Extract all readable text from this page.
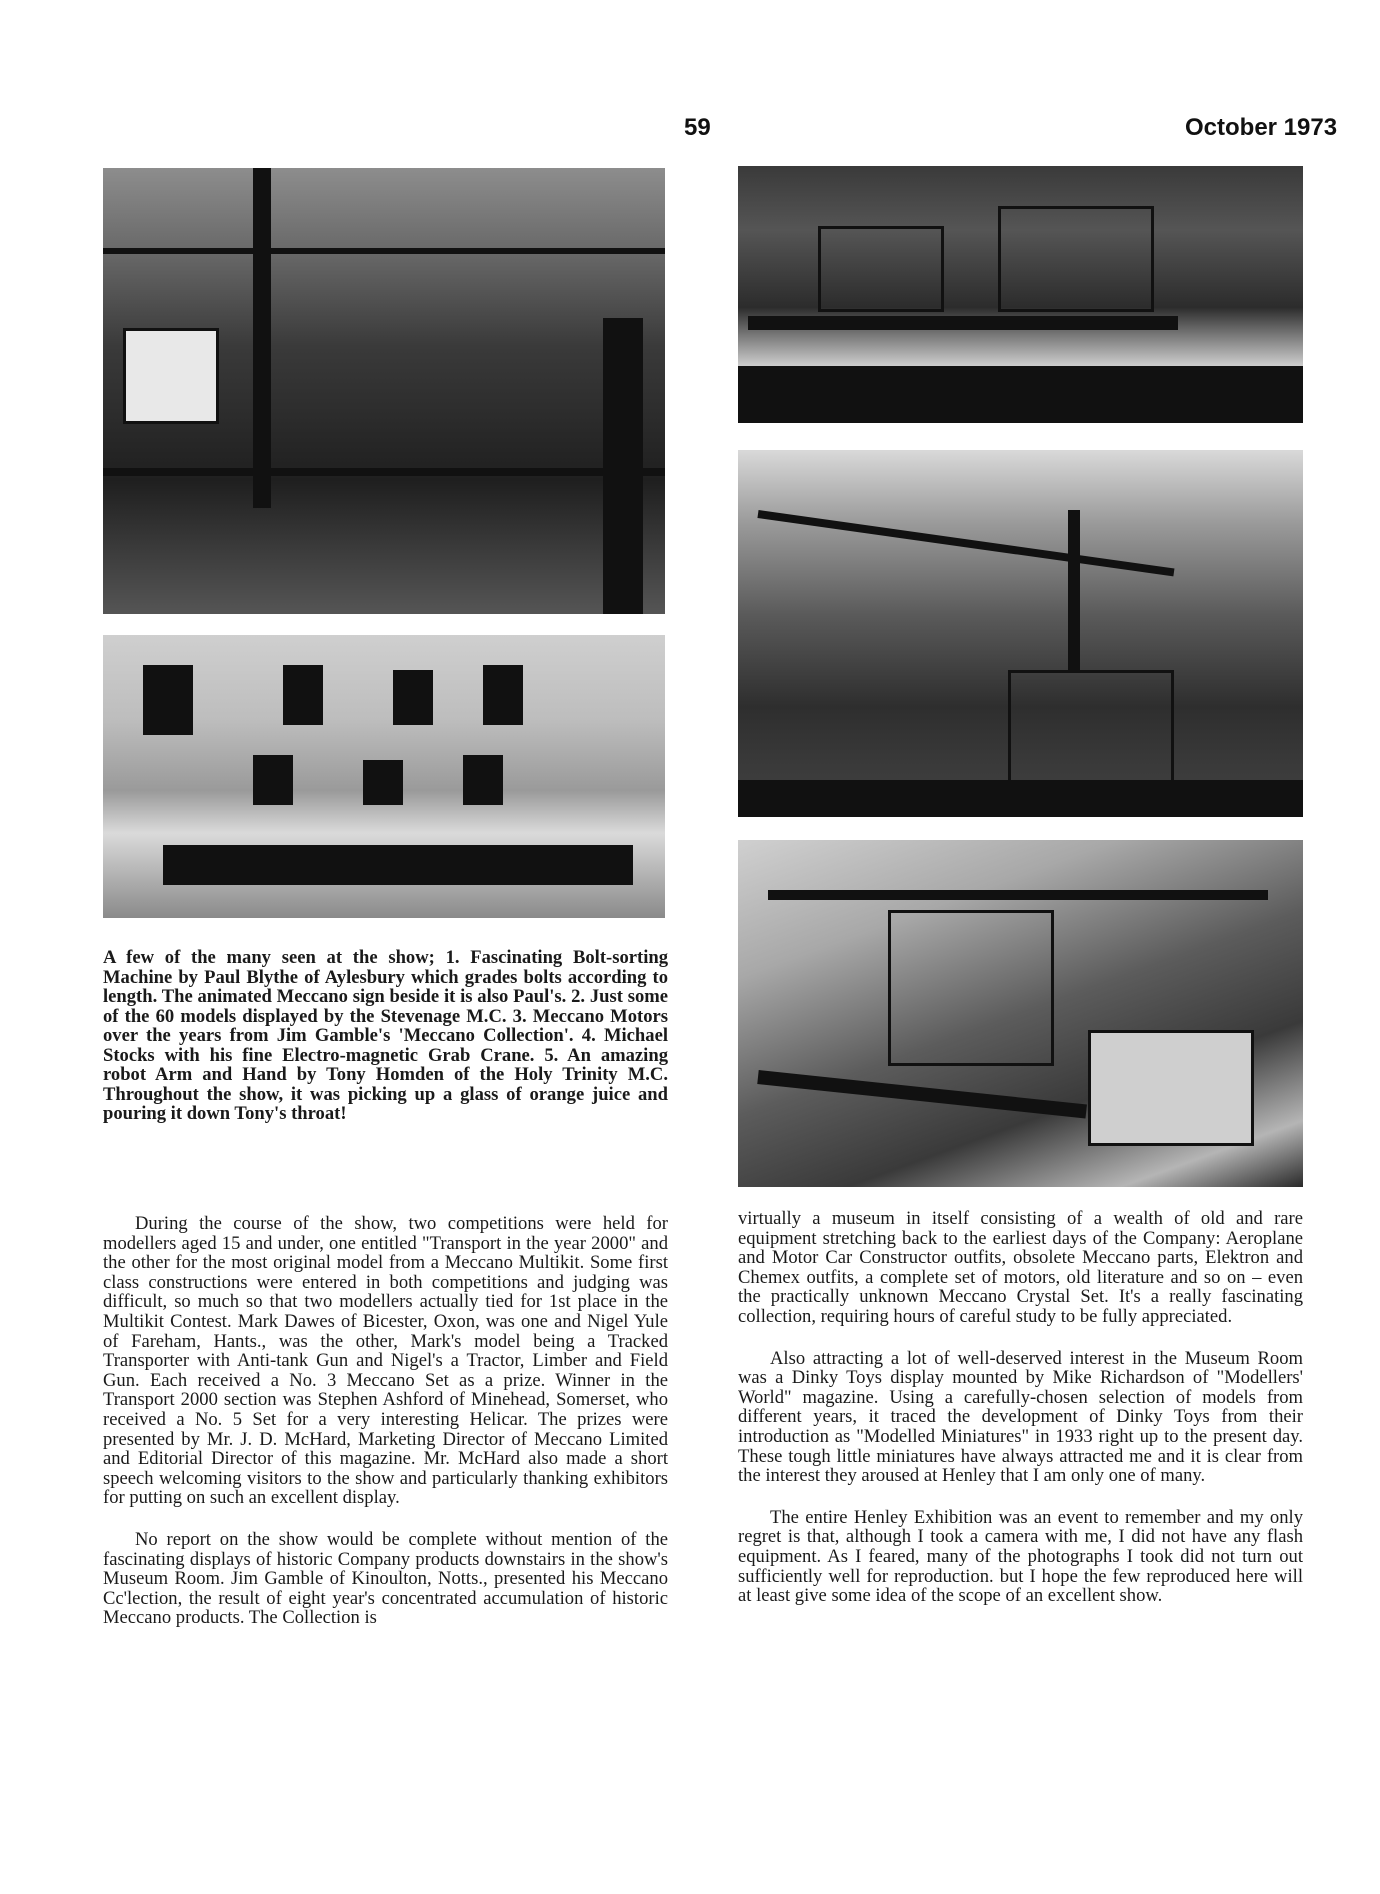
59	October 1973

A few of the many seen at the show; 1. Fascinating Bolt-sorting Machine by Paul Blythe of Aylesbury which grades bolts according to length. The animated Meccano sign beside it is also Paul's. 2. Just some of the 60 models displayed by the Stevenage M.C. 3. Meccano Motors over the years from Jim Gamble's 'Meccano Collection'. 4. Michael Stocks with his fine Electro-magnetic Grab Crane. 5. An amazing robot Arm and Hand by Tony Homden of the Holy Trinity M.C. Throughout the show, it was picking up a glass of orange juice and pouring it down Tony's throat!

During the course of the show, two competitions were held for modellers aged 15 and under, one entitled "Transport in the year 2000" and the other for the most original model from a Meccano Multikit. Some first class constructions were entered in both competitions and judging was difficult, so much so that two modellers actually tied for 1st place in the Multikit Contest. Mark Dawes of Bicester, Oxon, was one and Nigel Yule of Fareham, Hants., was the other, Mark's model being a Tracked Transporter with Anti-tank Gun and Nigel's a Tractor, Limber and Field Gun. Each received a No. 3 Meccano Set as a prize. Winner in the Transport 2000 section was Stephen Ashford of Minehead, Somerset, who received a No. 5 Set for a very interesting Helicar. The prizes were presented by Mr. J. D. McHard, Marketing Director of Meccano Limited and Editorial Director of this magazine. Mr. McHard also made a short speech welcoming visitors to the show and particularly thanking exhibitors for putting on such an excellent display.

No report on the show would be complete without mention of the fascinating displays of historic Company products downstairs in the show's Museum Room. Jim Gamble of Kinoulton, Notts., presented his Meccano Cc'lection, the result of eight year's concentrated accumulation of historic Meccano products. The Collection is

virtually a museum in itself consisting of a wealth of old and rare equipment stretching back to the earliest days of the Company: Aeroplane and Motor Car Constructor outfits, obsolete Meccano parts, Elektron and Chemex outfits, a complete set of motors, old literature and so on – even the practically unknown Meccano Crystal Set. It's a really fascinating collection, requiring hours of careful study to be fully appreciated.

Also attracting a lot of well-deserved interest in the Museum Room was a Dinky Toys display mounted by Mike Richardson of "Modellers' World" magazine. Using a carefully-chosen selection of models from different years, it traced the development of Dinky Toys from their introduction as "Modelled Miniatures" in 1933 right up to the present day. These tough little miniatures have always attracted me and it is clear from the interest they aroused at Henley that I am only one of many.

The entire Henley Exhibition was an event to remember and my only regret is that, although I took a camera with me, I did not have any flash equipment. As I feared, many of the photographs I took did not turn out sufficiently well for reproduction. but I hope the few reproduced here will at least give some idea of the scope of an excellent show.
